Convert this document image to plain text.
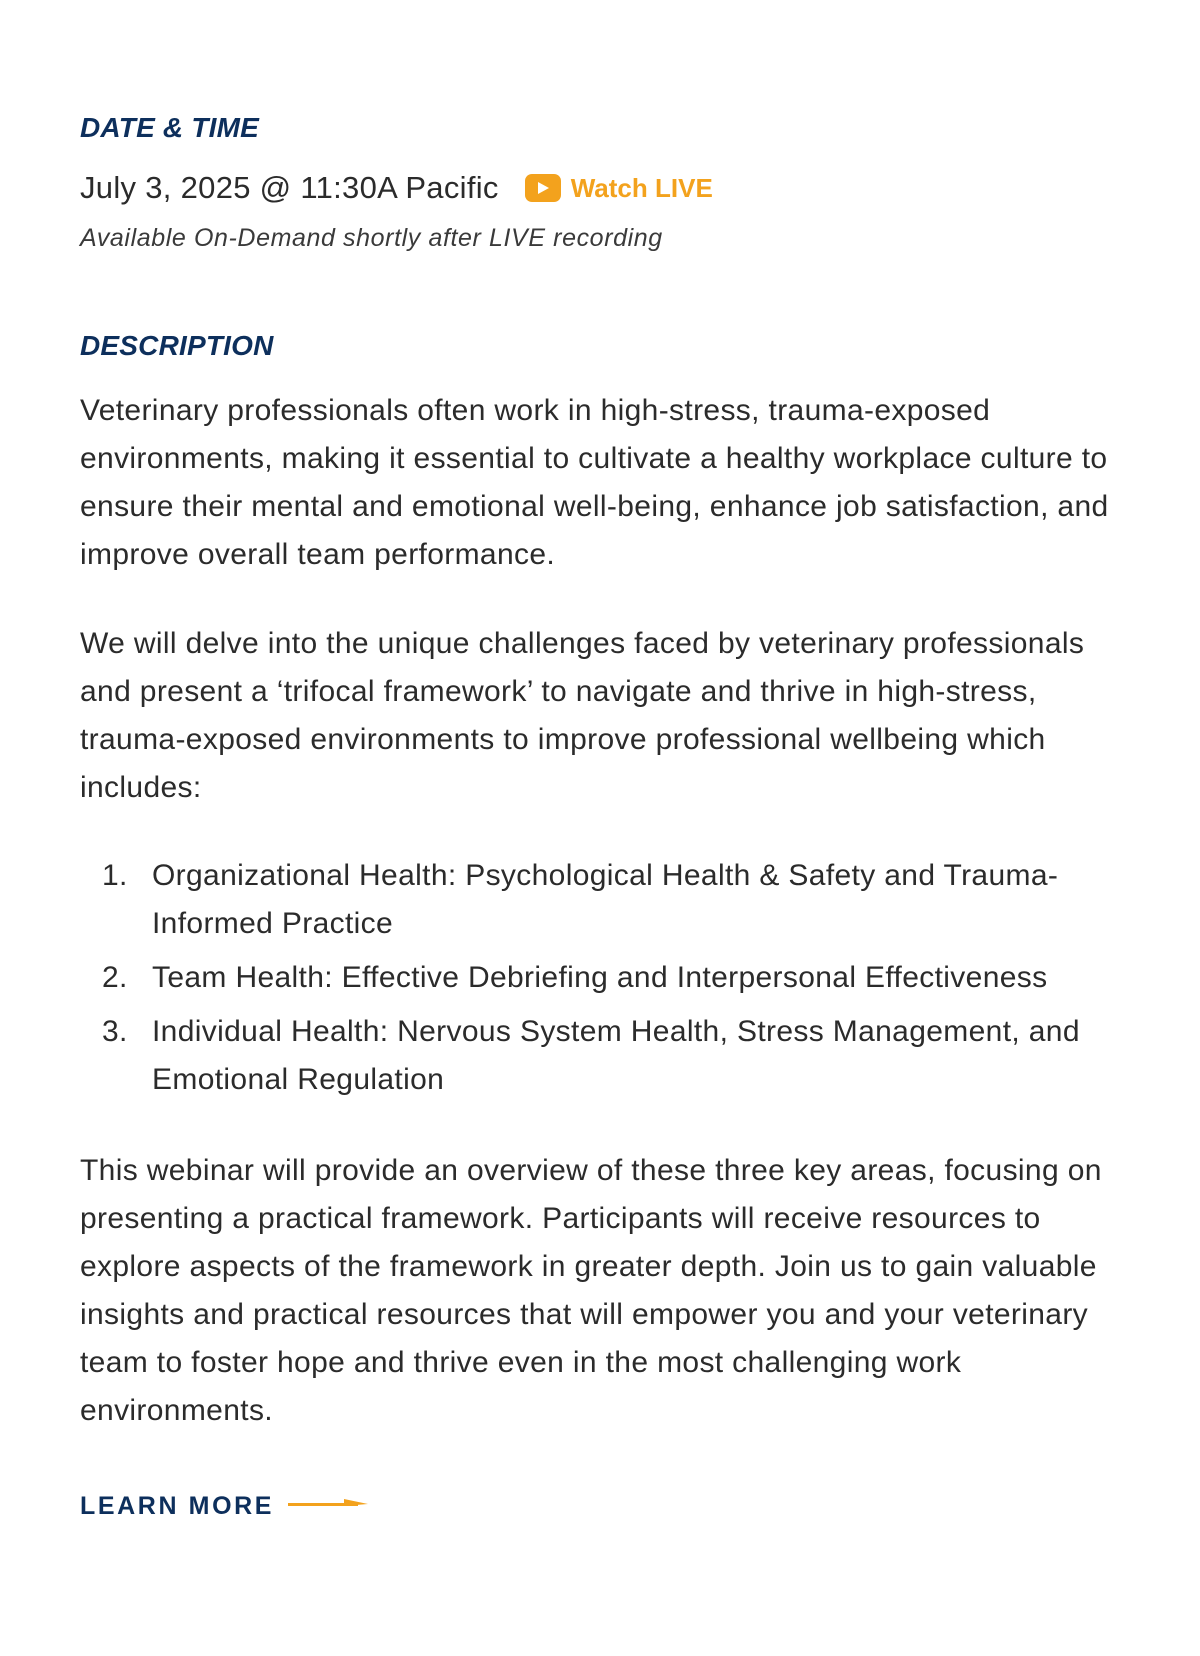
DATE & TIME
July 3, 2025 @ 11:30A Pacific	Watch LIVE
Available On-Demand shortly after LIVE recording
DESCRIPTION

Veterinary professionals often work in high-stress, trauma-exposed environments, making it essential to cultivate a healthy workplace culture to ensure their mental and emotional well-being, enhance job satisfaction, and improve overall team performance.

We will delve into the unique challenges faced by veterinary professionals and present a ‘trifocal framework’ to navigate and thrive in high-stress, trauma-exposed environments to improve professional wellbeing which includes:

1. Organizational Health: Psychological Health & Safety and Trauma-Informed Practice
2. Team Health: Effective Debriefing and Interpersonal Effectiveness
3. Individual Health: Nervous System Health, Stress Management, and Emotional Regulation

This webinar will provide an overview of these three key areas, focusing on presenting a practical framework. Participants will receive resources to explore aspects of the framework in greater depth. Join us to gain valuable insights and practical resources that will empower you and your veterinary team to foster hope and thrive even in the most challenging work environments.

LEARN MORE
